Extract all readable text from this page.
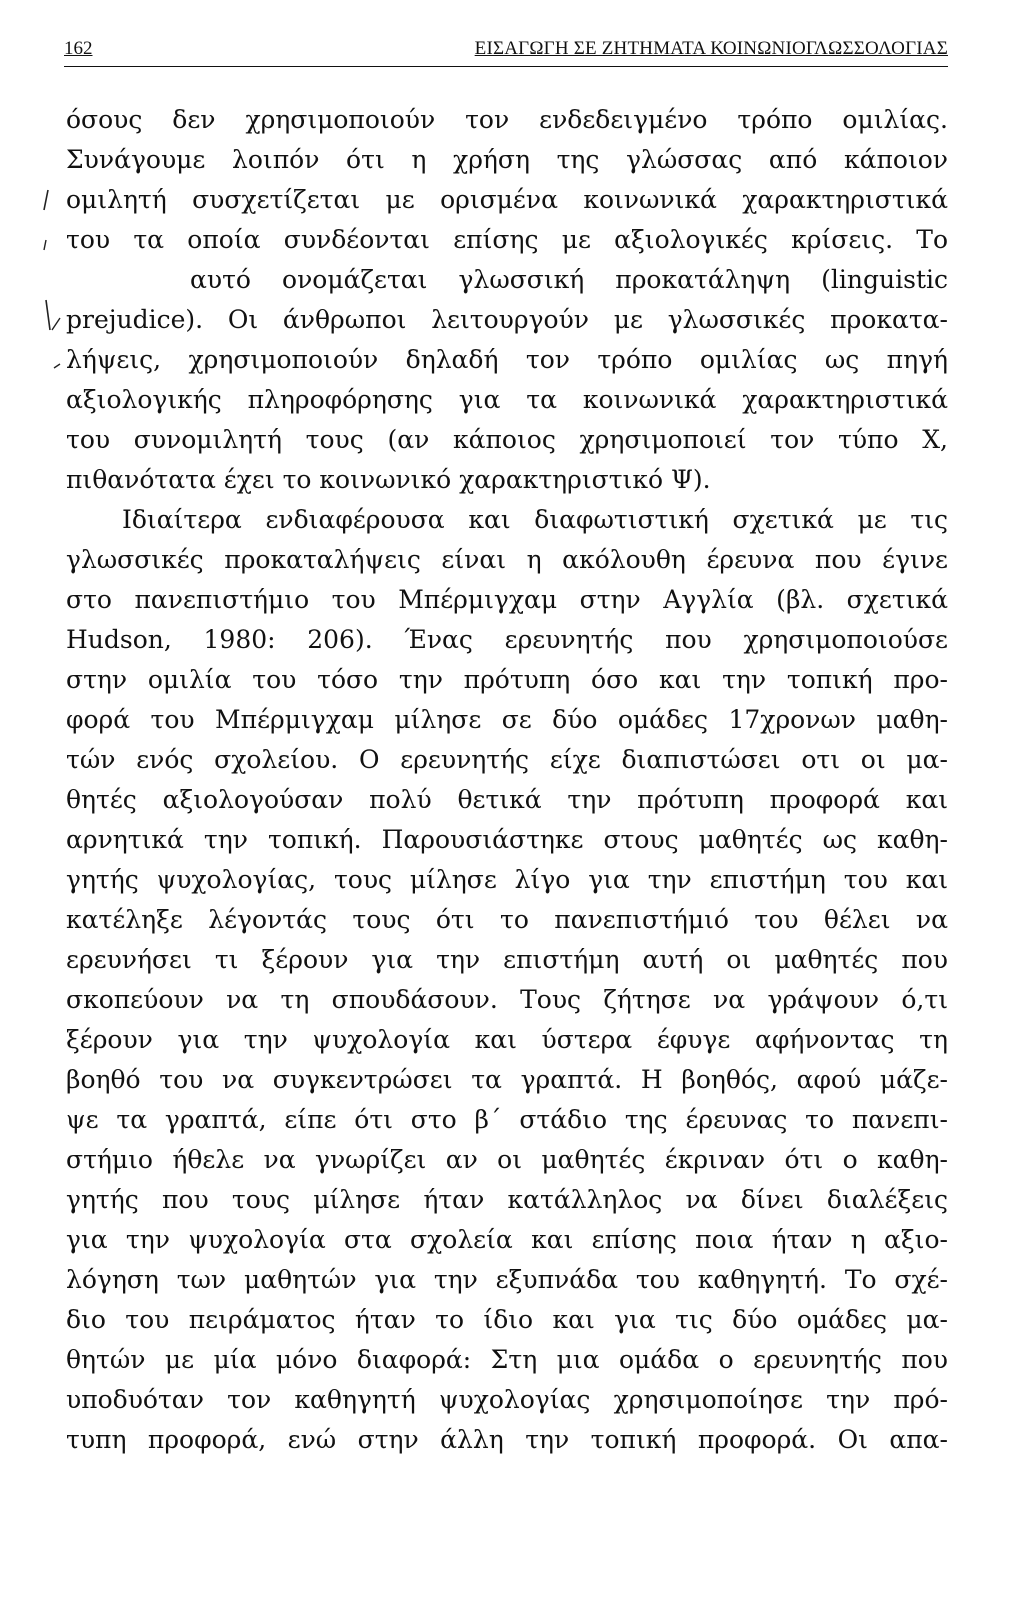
162	ΕΙΣΑΓΩΓΗ ΣΕ ΖΗΤΗΜΑΤΑ ΚΟΙΝΩΝΙΟΓΛΩΣΣΟΛΟΓΙΑΣ
όσους δεν χρησιμοποιούν τον ενδεδειγμένο τρόπο ομιλίας.
Συνάγουμε λοιπόν ότι η χρήση της γλώσσας από κάποιον
ομιλητή συσχετίζεται με ορισμένα κοινωνικά χαρακτηριστικά
του τα οποία συνδέονται επίσης με αξιολογικές κρίσεις. Το
αυτό ονομάζεται γλωσσική προκατάληψη (linguistic
prejudice). Οι άνθρωποι λειτουργούν με γλωσσικές προκατα-
λήψεις, χρησιμοποιούν δηλαδή τον τρόπο ομιλίας ως πηγή
αξιολογικής πληροφόρησης για τα κοινωνικά χαρακτηριστικά
του συνομιλητή τους (αν κάποιος χρησιμοποιεί τον τύπο Χ,
πιθανότατα έχει το κοινωνικό χαρακτηριστικό Ψ).
Ιδιαίτερα ενδιαφέρουσα και διαφωτιστική σχετικά με τις
γλωσσικές προκαταλήψεις είναι η ακόλουθη έρευνα που έγινε
στο πανεπιστήμιο του Μπέρμιγχαμ στην Αγγλία (βλ. σχετικά
Hudson, 1980: 206). Ένας ερευνητής που χρησιμοποιούσε
στην ομιλία του τόσο την πρότυπη όσο και την τοπική προ-
φορά του Μπέρμιγχαμ μίλησε σε δύο ομάδες 17χρονων μαθη-
τών ενός σχολείου. Ο ερευνητής είχε διαπιστώσει οτι οι μα-
θητές αξιολογούσαν πολύ θετικά την πρότυπη προφορά και
αρνητικά την τοπική. Παρουσιάστηκε στους μαθητές ως καθη-
γητής ψυχολογίας, τους μίλησε λίγο για την επιστήμη του και
κατέληξε λέγοντάς τους ότι το πανεπιστήμιό του θέλει να
ερευνήσει τι ξέρουν για την επιστήμη αυτή οι μαθητές που
σκοπεύουν να τη σπουδάσουν. Τους ζήτησε να γράψουν ό,τι
ξέρουν για την ψυχολογία και ύστερα έφυγε αφήνοντας τη
βοηθό του να συγκεντρώσει τα γραπτά. Η βοηθός, αφού μάζε-
ψε τα γραπτά, είπε ότι στο β΄ στάδιο της έρευνας το πανεπι-
στήμιο ήθελε να γνωρίζει αν οι μαθητές έκριναν ότι ο καθη-
γητής που τους μίλησε ήταν κατάλληλος να δίνει διαλέξεις
για την ψυχολογία στα σχολεία και επίσης ποια ήταν η αξιο-
λόγηση των μαθητών για την εξυπνάδα του καθηγητή. Το σχέ-
διο του πειράματος ήταν το ίδιο και για τις δύο ομάδες μα-
θητών με μία μόνο διαφορά: Στη μια ομάδα ο ερευνητής που
υποδυόταν τον καθηγητή ψυχολογίας χρησιμοποίησε την πρό-
τυπη προφορά, ενώ στην άλλη την τοπική προφορά. Οι απα-
